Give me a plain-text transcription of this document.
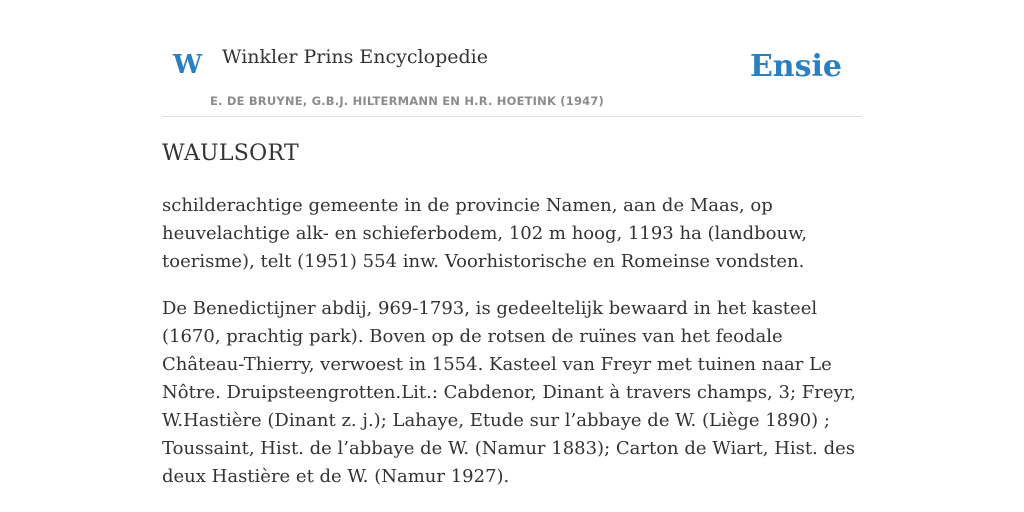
W Winkler Prins Encyclopedie
E. DE BRUYNE, G.B.J. HILTERMANN EN H.R. HOETINK (1947)
Ensie
WAULSORT

schilderachtige gemeente in de provincie Namen, aan de Maas, op heuvelachtige alk- en schieferbodem, 102 m hoog, 1193 ha (landbouw, toerisme), telt (1951) 554 inw. Voorhistorische en Romeinse vondsten.

De Benedictijner abdij, 969-1793, is gedeeltelijk bewaard in het kasteel (1670, prachtig park). Boven op de rotsen de ruïnes van het feodale Château-Thierry, verwoest in 1554. Kasteel van Freyr met tuinen naar Le Nôtre. Druipsteengrotten.Lit.: Cabdenor, Dinant à travers champs, 3; Freyr, W.Hastière (Dinant z. j.); Lahaye, Etude sur l’abbaye de W. (Liège 1890) ; Toussaint, Hist. de l’abbaye de W. (Namur 1883); Carton de Wiart, Hist. des deux Hastière et de W. (Namur 1927).
